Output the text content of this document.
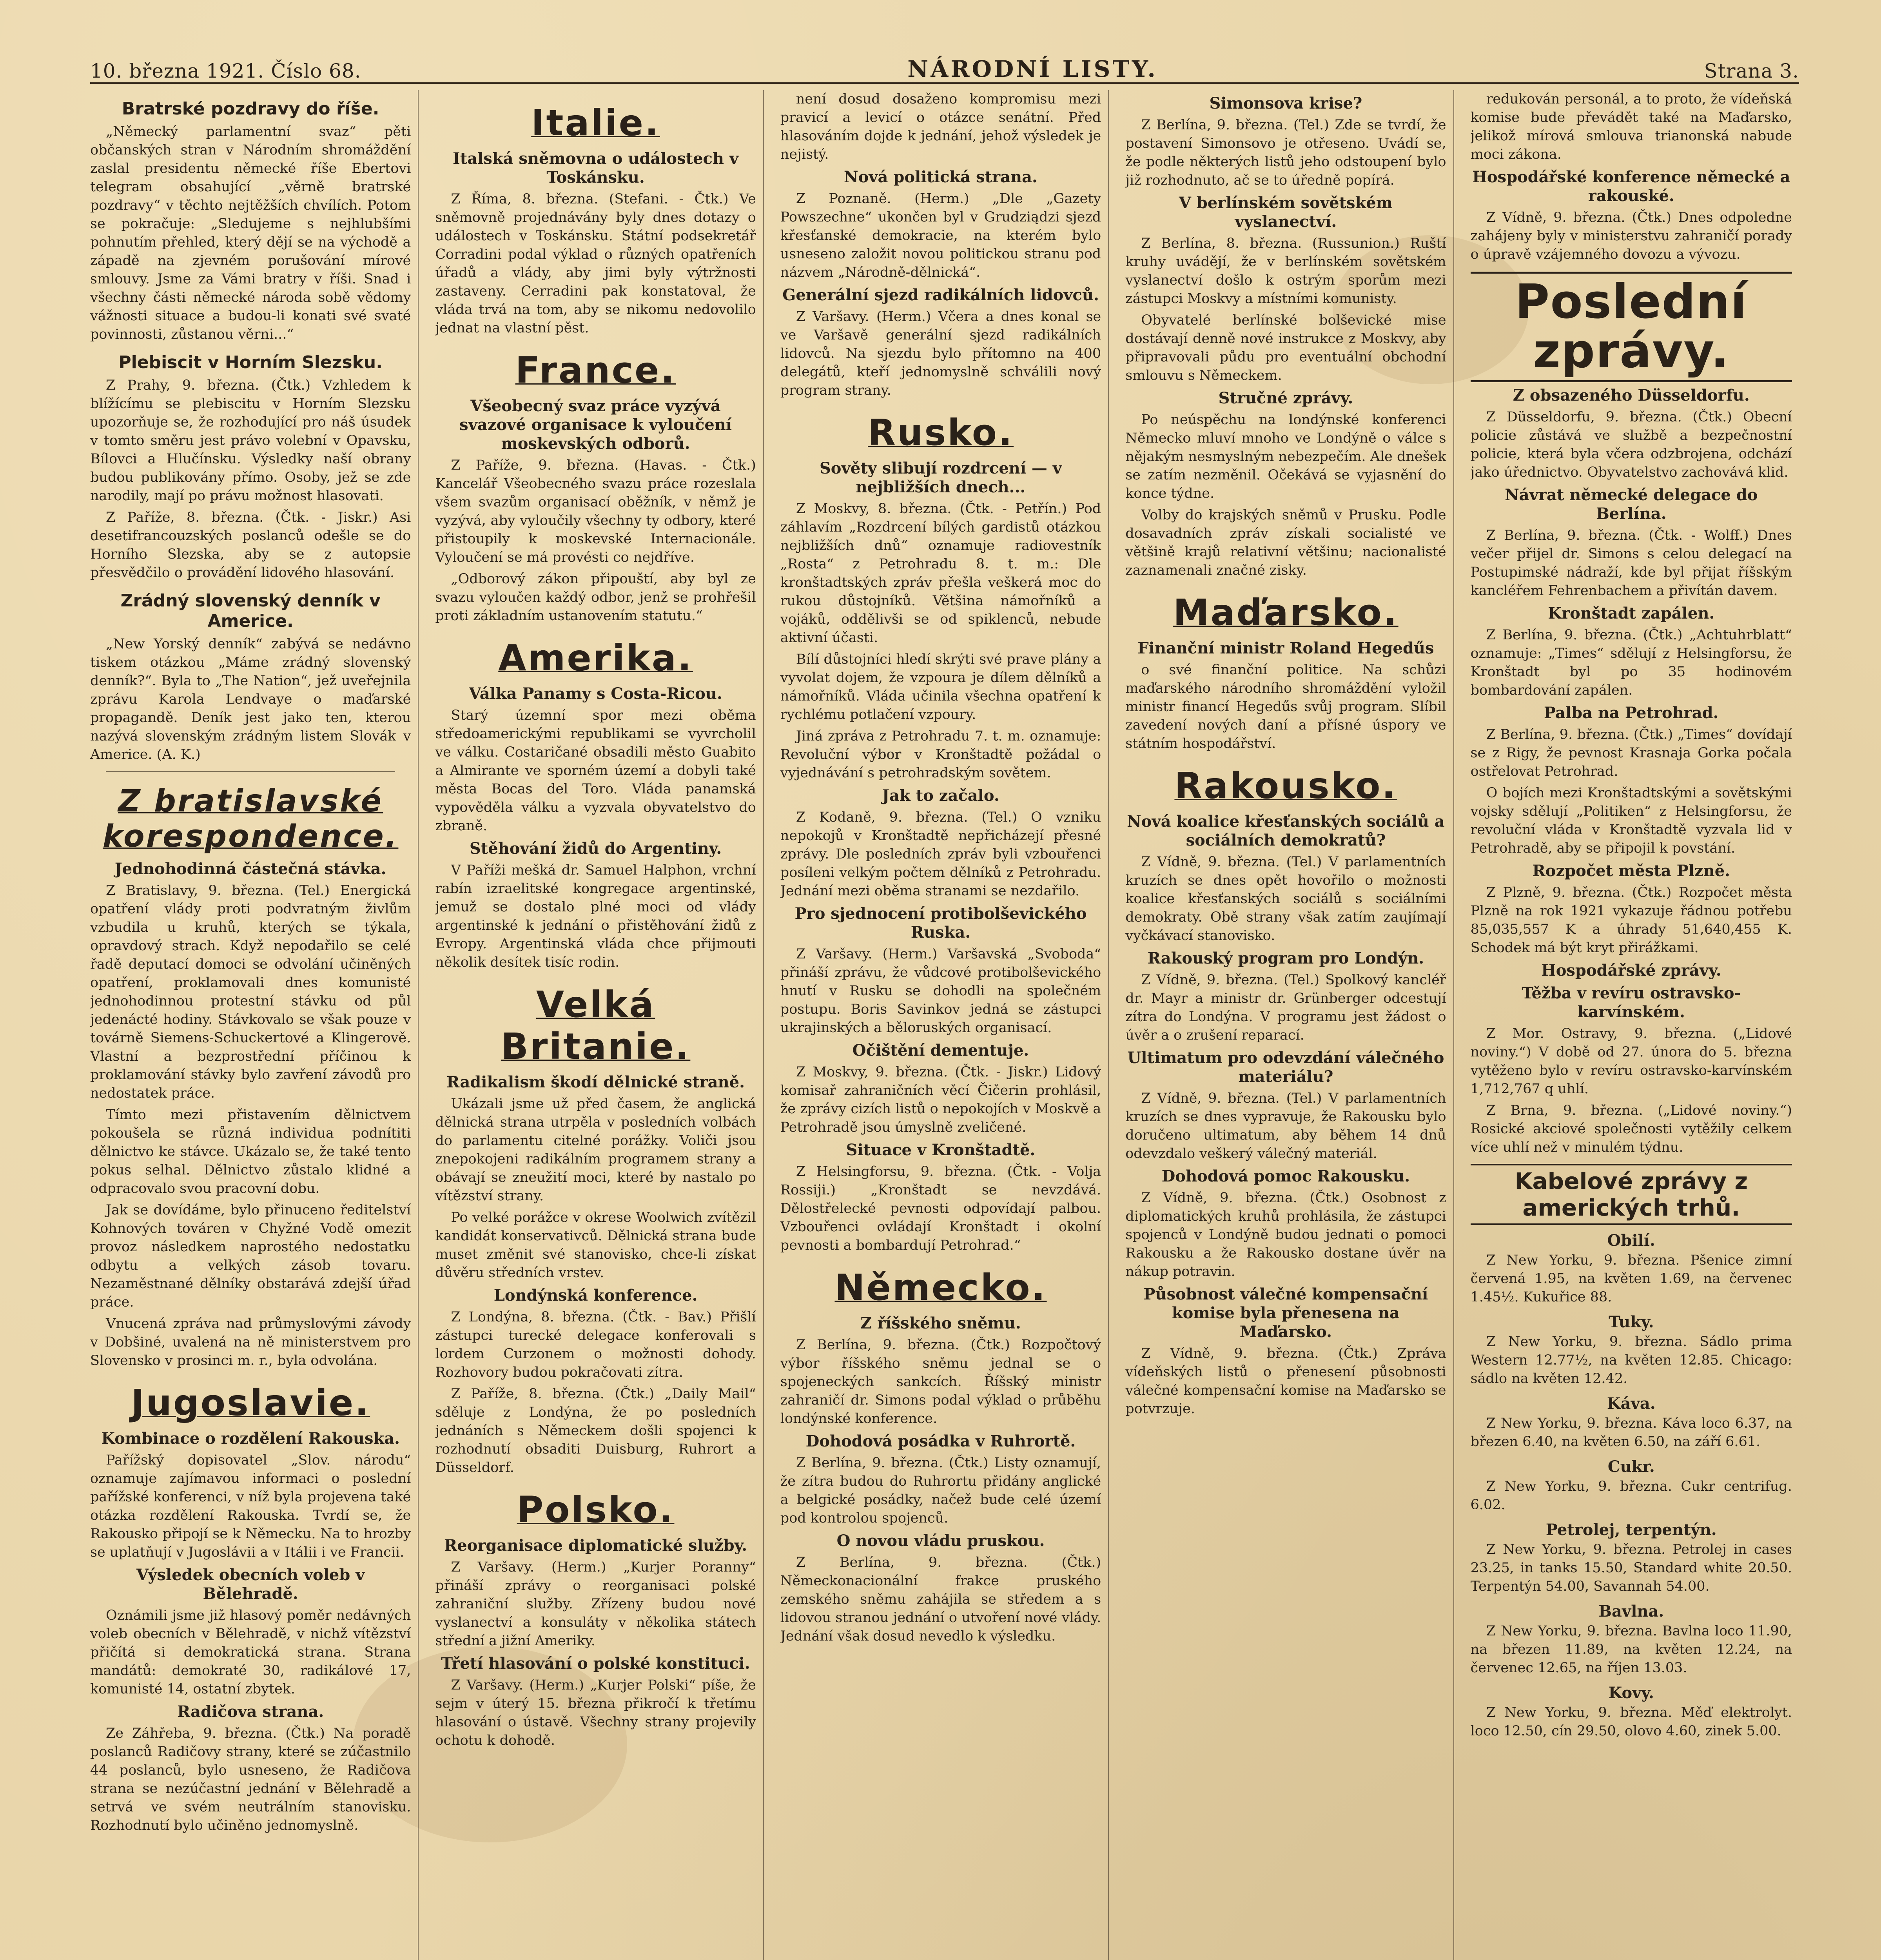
10. března 1921. Číslo 68.	NÁRODNÍ LISTY.	Strana 3.
Bratrské pozdravy do říše.

„Německý parlamentní svaz“ pěti občanských stran v Národním shromáždění zaslal presidentu německé říše Ebertovi telegram obsahující „věrně bratrské pozdravy“ v těchto nejtěžších chvílích. Potom se pokračuje: „Sledujeme s nejhlubšími pohnutím přehled, který dějí se na východě a západě na zjevném porušování mírové smlouvy. Jsme za Vámi bratry v říši. Snad i všechny části německé národa sobě vědomy vážnosti situace a budou-li konati své svaté povinnosti, zůstanou věrni...“

Plebiscit v Horním Slezsku.

Z Prahy, 9. března. (Čtk.) Vzhledem k blížícímu se plebiscitu v Horním Slezsku upozorňuje se, že rozhodující pro náš úsudek v tomto směru jest právo volební v Opavsku, Bílovci a Hlučínsku. Výsledky naší obrany budou publikovány přímo. Osoby, jež se zde narodily, mají po právu možnost hlasovati.

Z Paříže, 8. března. (Čtk. - Jiskr.) Asi desetifrancouzských poslanců odešle se do Horního Slezska, aby se z autopsie přesvědčilo o provádění lidového hlasování.

Zrádný slovenský denník v Americe.

„New Yorský denník“ zabývá se nedávno tiskem otázkou „Máme zrádný slovenský denník?“. Byla to „The Nation“, jež uveřejnila zprávu Karola Lendvaye o maďarské propagandě. Deník jest jako ten, kterou nazývá slovenským zrádným listem Slovák v Americe. (A. K.)

Z bratislavské korespondence.
Jednohodinná částečná stávka.

Z Bratislavy, 9. března. (Tel.) Energická opatření vlády proti podvratným živlům vzbudila u kruhů, kterých se týkala, opravdový strach. Když nepodařilo se celé řadě deputací domoci se odvolání učiněných opatření, proklamovali dnes komunisté jednohodinnou protestní stávku od půl jedenácté hodiny. Stávkovalo se však pouze v továrně Siemens-Schuckertové a Klingerově. Vlastní a bezprostřední příčinou k proklamování stávky bylo zavření závodů pro nedostatek práce.

Tímto mezi přistavením dělnictvem pokoušela se různá individua podnítiti dělnictvo ke stávce. Ukázalo se, že také tento pokus selhal. Dělnictvo zůstalo klidné a odpracovalo svou pracovní dobu.

Jak se dovídáme, bylo přinuceno ředitelství Kohnových továren v Chyžné Vodě omezit provoz následkem naprostého nedostatku odbytu a velkých zásob tovaru. Nezaměstnané dělníky obstarává zdejší úřad práce.

Vnucená zpráva nad průmyslovými závody v Dobšiné, uvalená na ně ministerstvem pro Slovensko v prosinci m. r., byla odvolána.

Jugoslavie.
Kombinace o rozdělení Rakouska.

Pařížský dopisovatel „Slov. národu“ oznamuje zajímavou informaci o poslední pařížské konferenci, v níž byla projevena také otázka rozdělení Rakouska. Tvrdí se, že Rakousko připojí se k Německu. Na to hrozby se uplatňují v Jugoslávii a v Itálii i ve Francii.

Výsledek obecních voleb v Bělehradě.

Oznámili jsme již hlasový poměr nedávných voleb obecních v Bělehradě, v nichž vítězství přičítá si demokratická strana. Strana mandátů: demokraté 30, radikálové 17, komunisté 14, ostatní zbytek.

Radičova strana.

Ze Záhřeba, 9. března. (Čtk.) Na poradě poslanců Radičovy strany, které se zúčastnilo 44 poslanců, bylo usneseno, že Radičova strana se nezúčastní jednání v Bělehradě a setrvá ve svém neutrálním stanovisku. Rozhodnutí bylo učiněno jednomyslně.

Italie.
Italská sněmovna o událostech v Toskánsku.

Z Říma, 8. března. (Stefani. - Čtk.) Ve sněmovně projednávány byly dnes dotazy o událostech v Toskánsku. Státní podsekretář Corradini podal výklad o různých opatřeních úřadů a vlády, aby jimi byly výtržnosti zastaveny. Cerradini pak konstatoval, že vláda trvá na tom, aby se nikomu nedovolilo jednat na vlastní pěst.

France.
Všeobecný svaz práce vyzývá svazové organisace k vyloučení moskevských odborů.

Z Paříže, 9. března. (Havas. - Čtk.) Kancelář Všeobecného svazu práce rozeslala všem svazům organisací oběžník, v němž je vyzývá, aby vyloučily všechny ty odbory, které přistoupily k moskevské Internacionále. Vyloučení se má provésti co nejdříve.

„Odborový zákon připouští, aby byl ze svazu vyloučen každý odbor, jenž se prohřešil proti základním ustanovením statutu.“

Amerika.
Válka Panamy s Costa-Ricou.

Starý územní spor mezi oběma středoamerickými republikami se vyvrcholil ve válku. Costaričané obsadili město Guabito a Almirante ve sporném území a dobyli také města Bocas del Toro. Vláda panamská vypověděla válku a vyzvala obyvatelstvo do zbraně.

Stěhování židů do Argentiny.

V Paříži mešká dr. Samuel Halphon, vrchní rabín izraelitské kongregace argentinské, jemuž se dostalo plné moci od vlády argentinské k jednání o přistěhování židů z Evropy. Argentinská vláda chce přijmouti několik desítek tisíc rodin.

Velká Britanie.
Radikalism škodí dělnické straně.

Ukázali jsme už před časem, že anglická dělnická strana utrpěla v posledních volbách do parlamentu citelné porážky. Voliči jsou znepokojeni radikálním programem strany a obávají se zneužití moci, které by nastalo po vítězství strany.

Po velké porážce v okrese Woolwich zvítězil kandidát konservativců. Dělnická strana bude muset změnit své stanovisko, chce-li získat důvěru středních vrstev.

Londýnská konference.

Z Londýna, 8. března. (Čtk. - Bav.) Přišlí zástupci turecké delegace konferovali s lordem Curzonem o možnosti dohody. Rozhovory budou pokračovati zítra.

Z Paříže, 8. března. (Čtk.) „Daily Mail“ sděluje z Londýna, že po posledních jednáních s Německem došli spojenci k rozhodnutí obsaditi Duisburg, Ruhrort a Düsseldorf.

Polsko.
Reorganisace diplomatické služby.

Z Varšavy. (Herm.) „Kurjer Poranny“ přináší zprávy o reorganisaci polské zahraniční služby. Zřízeny budou nové vyslanectví a konsuláty v několika státech střední a jižní Ameriky.

Třetí hlasování o polské konstituci.

Z Varšavy. (Herm.) „Kurjer Polski“ píše, že sejm v úterý 15. března přikročí k třetímu hlasování o ústavě. Všechny strany projevily ochotu k dohodě.

není dosud dosaženo kompromisu mezi pravicí a levicí o otázce senátní. Před hlasováním dojde k jednání, jehož výsledek je nejistý.

Nová politická strana.

Z Poznaně. (Herm.) „Dle „Gazety Powszechne“ ukončen byl v Grudziądzi sjezd křesťanské demokracie, na kterém bylo usneseno založit novou politickou stranu pod názvem „Národně-dělnická“.

Generální sjezd radikálních lidovců.

Z Varšavy. (Herm.) Včera a dnes konal se ve Varšavě generální sjezd radikálních lidovců. Na sjezdu bylo přítomno na 400 delegátů, kteří jednomyslně schválili nový program strany.

Rusko.
Sověty slibují rozdrcení — v nejbližších dnech...

Z Moskvy, 8. března. (Čtk. - Petřín.) Pod záhlavím „Rozdrcení bílých gardistů otázkou nejbližších dnů“ oznamuje radiovestník „Rosta“ z Petrohradu 8. t. m.: Dle kronštadtských zpráv přešla veškerá moc do rukou důstojníků. Většina námořníků a vojáků, oddělivši se od spiklenců, nebude aktivní účasti.

Bílí důstojníci hledí skrýti své prave plány a vyvolat dojem, že vzpoura je dílem dělníků a námořníků. Vláda učinila všechna opatření k rychlému potlačení vzpoury.

Jiná zpráva z Petrohradu 7. t. m. oznamuje: Revoluční výbor v Kronštadtě požádal o vyjednávání s petrohradským sovětem.

Jak to začalo.

Z Kodaně, 9. března. (Tel.) O vzniku nepokojů v Kronštadtě nepřicházejí přesné zprávy. Dle posledních zpráv byli vzbouřenci posíleni velkým počtem dělníků z Petrohradu. Jednání mezi oběma stranami se nezdařilo.

Pro sjednocení protibolševického Ruska.

Z Varšavy. (Herm.) Varšavská „Svoboda“ přináší zprávu, že vůdcové protibolševického hnutí v Rusku se dohodli na společném postupu. Boris Savinkov jedná se zástupci ukrajinských a běloruských organisací.

Očištění dementuje.

Z Moskvy, 9. března. (Čtk. - Jiskr.) Lidový komisař zahraničních věcí Čičerin prohlásil, že zprávy cizích listů o nepokojích v Moskvě a Petrohradě jsou úmyslně zveličené.

Situace v Kronštadtě.

Z Helsingforsu, 9. března. (Čtk. - Volja Rossiji.) „Kronštadt se nevzdává. Dělostřelecké pevnosti odpovídají palbou. Vzbouřenci ovládají Kronštadt i okolní pevnosti a bombardují Petrohrad.“

Německo.
Z říšského sněmu.

Z Berlína, 9. března. (Čtk.) Rozpočtový výbor říšského sněmu jednal se o spojeneckých sankcích. Říšský ministr zahraničí dr. Simons podal výklad o průběhu londýnské konference.

Dohodová posádka v Ruhrortě.

Z Berlína, 9. března. (Čtk.) Listy oznamují, že zítra budou do Ruhrortu přidány anglické a belgické posádky, načež bude celé území pod kontrolou spojenců.

O novou vládu pruskou.

Z Berlína, 9. března. (Čtk.) Německonacionální frakce pruského zemského sněmu zahájila se středem a s lidovou stranou jednání o utvoření nové vlády. Jednání však dosud nevedlo k výsledku.

Simonsova krise?

Z Berlína, 9. března. (Tel.) Zde se tvrdí, že postavení Simonsovo je otřeseno. Uvádí se, že podle některých listů jeho odstoupení bylo již rozhodnuto, ač se to úředně popírá.

V berlínském sovětském vyslanectví.

Z Berlína, 8. března. (Russunion.) Ruští kruhy uvádějí, že v berlínském sovětském vyslanectví došlo k ostrým sporům mezi zástupci Moskvy a místními komunisty.

Obyvatelé berlínské bolševické mise dostávají denně nové instrukce z Moskvy, aby připravovali půdu pro eventuální obchodní smlouvu s Německem.

Stručné zprávy.

Po neúspěchu na londýnské konferenci Německo mluví mnoho ve Londýně o válce s nějakým nesmyslným nebezpečím. Ale dnešek se zatím nezměnil. Očekává se vyjasnění do konce týdne.

Volby do krajských sněmů v Prusku. Podle dosavadních zpráv získali socialisté ve většině krajů relativní většinu; nacionalisté zaznamenali značné zisky.

Maďarsko.
Finanční ministr Roland Hegedűs

o své finanční politice. Na schůzi maďarského národního shromáždění vyložil ministr financí Hegedűs svůj program. Slíbil zavedení nových daní a přísné úspory ve státním hospodářství.

Rakousko.
Nová koalice křesťanských sociálů a sociálních demokratů?

Z Vídně, 9. března. (Tel.) V parlamentních kruzích se dnes opět hovořilo o možnosti koalice křesťanských sociálů s sociálními demokraty. Obě strany však zatím zaujímají vyčkávací stanovisko.

Rakouský program pro Londýn.

Z Vídně, 9. března. (Tel.) Spolkový kancléř dr. Mayr a ministr dr. Grünberger odcestují zítra do Londýna. V programu jest žádost o úvěr a o zrušení reparací.

Ultimatum pro odevzdání válečného materiálu?

Z Vídně, 9. března. (Tel.) V parlamentních kruzích se dnes vypravuje, že Rakousku bylo doručeno ultimatum, aby během 14 dnů odevzdalo veškerý válečný materiál.

Dohodová pomoc Rakousku.

Z Vídně, 9. března. (Čtk.) Osobnost z diplomatických kruhů prohlásila, že zástupci spojenců v Londýně budou jednati o pomoci Rakousku a že Rakousko dostane úvěr na nákup potravin.

Působnost válečné kompensační komise byla přenesena na Maďarsko.

Z Vídně, 9. března. (Čtk.) Zpráva vídeňských listů o přenesení působnosti válečné kompensační komise na Maďarsko se potvrzuje.

redukován personál, a to proto, že vídeňská komise bude převádět také na Maďarsko, jelikož mírová smlouva trianonská nabude moci zákona.

Hospodářské konference německé a rakouské.

Z Vídně, 9. března. (Čtk.) Dnes odpoledne zahájeny byly v ministerstvu zahraničí porady o úpravě vzájemného dovozu a vývozu.

Poslední zprávy.
Z obsazeného Düsseldorfu.

Z Düsseldorfu, 9. března. (Čtk.) Obecní policie zůstává ve službě a bezpečnostní policie, která byla včera odzbrojena, odchází jako úřednictvo. Obyvatelstvo zachovává klid.

Návrat německé delegace do Berlína.

Z Berlína, 9. března. (Čtk. - Wolff.) Dnes večer přijel dr. Simons s celou delegací na Postupimské nádraží, kde byl přijat říšským kancléřem Fehrenbachem a přivítán davem.

Kronštadt zapálen.

Z Berlína, 9. března. (Čtk.) „Achtuhrblatt“ oznamuje: „Times“ sdělují z Helsingforsu, že Kronštadt byl po 35 hodinovém bombardování zapálen.

Palba na Petrohrad.

Z Berlína, 9. března. (Čtk.) „Times“ dovídají se z Rigy, že pevnost Krasnaja Gorka počala ostřelovat Petrohrad.

O bojích mezi Kronštadtskými a sovětskými vojsky sdělují „Politiken“ z Helsingforsu, že revoluční vláda v Kronštadtě vyzvala lid v Petrohradě, aby se připojil k povstání.

Rozpočet města Plzně.

Z Plzně, 9. března. (Čtk.) Rozpočet města Plzně na rok 1921 vykazuje řádnou potřebu 85,035,557 K a úhrady 51,640,455 K. Schodek má být kryt přirážkami.

Hospodářské zprávy.
Těžba v revíru ostravsko-karvínském.

Z Mor. Ostravy, 9. března. („Lidové noviny.“) V době od 27. února do 5. března vytěženo bylo v revíru ostravsko-karvínském 1,712,767 q uhlí.

Z Brna, 9. března. („Lidové noviny.“) Rosické akciové společnosti vytěžily celkem více uhlí než v minulém týdnu.

Kabelové zprávy z amerických trhů.
Obilí.

Z New Yorku, 9. března. Pšenice zimní červená 1.95, na květen 1.69, na červenec 1.45½. Kukuřice 88.

Tuky.

Z New Yorku, 9. března. Sádlo prima Western 12.77½, na květen 12.85. Chicago: sádlo na květen 12.42.

Káva.

Z New Yorku, 9. března. Káva loco 6.37, na březen 6.40, na květen 6.50, na září 6.61.

Cukr.

Z New Yorku, 9. března. Cukr centrifug. 6.02.

Petrolej, terpentýn.

Z New Yorku, 9. března. Petrolej in cases 23.25, in tanks 15.50, Standard white 20.50. Terpentýn 54.00, Savannah 54.00.

Bavlna.

Z New Yorku, 9. března. Bavlna loco 11.90, na březen 11.89, na květen 12.24, na červenec 12.65, na říjen 13.03.

Kovy.

Z New Yorku, 9. března. Měď elektrolyt. loco 12.50, cín 29.50, olovo 4.60, zinek 5.00.
